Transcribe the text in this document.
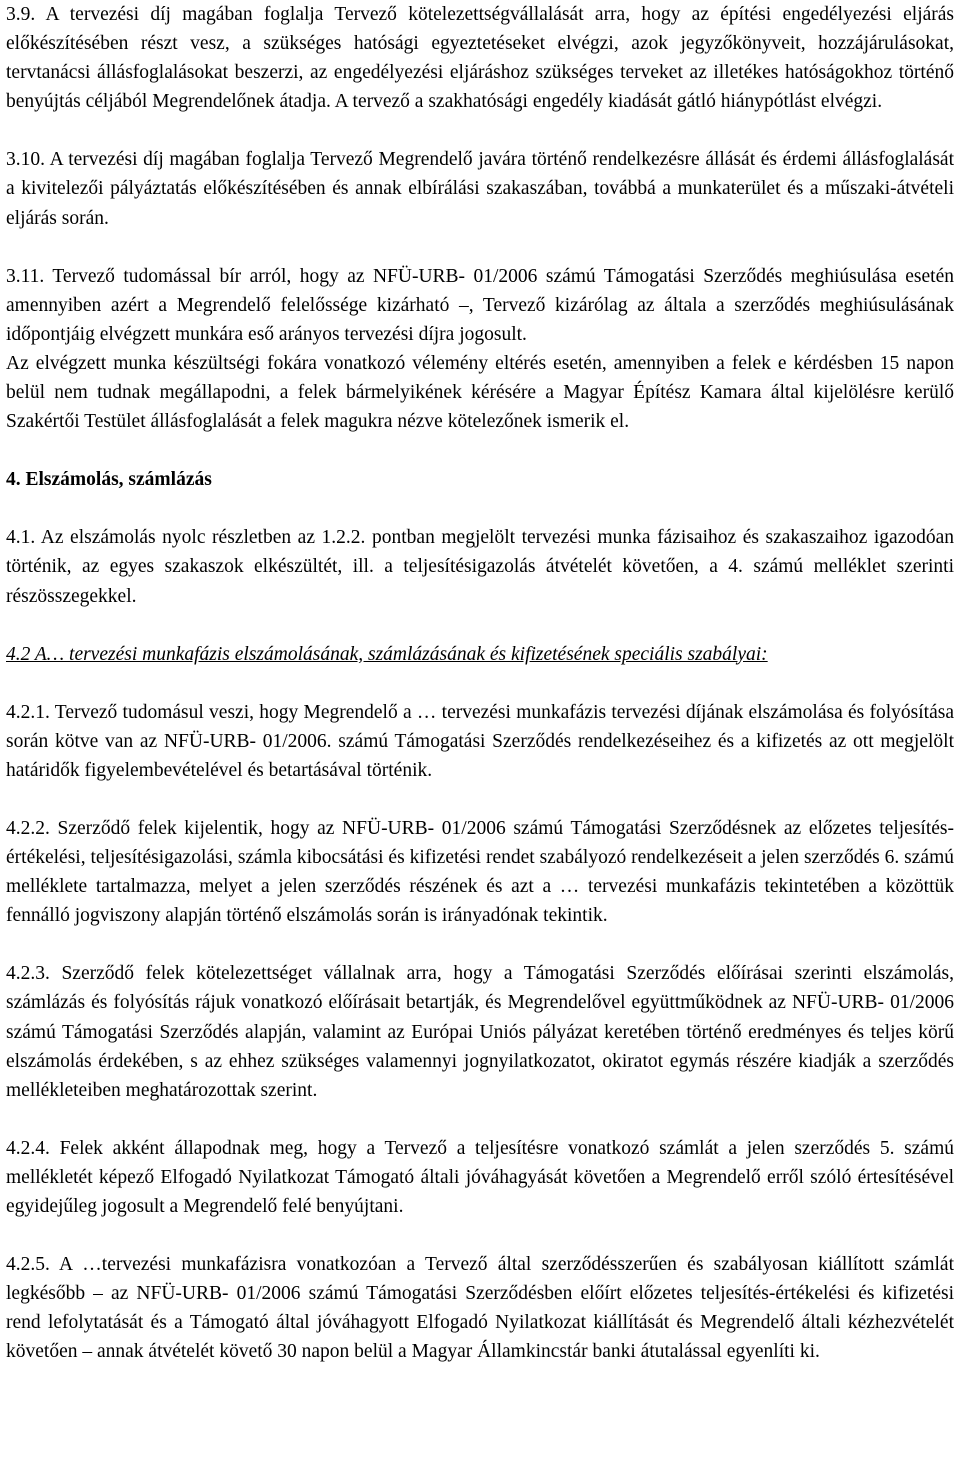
3.9. A tervezési díj magában foglalja Tervező kötelezettségvállalását arra, hogy az építési engedélyezési eljárás előkészítésében részt vesz, a szükséges hatósági egyeztetéseket elvégzi, azok jegyzőkönyveit, hozzájárulásokat, tervtanácsi állásfoglalásokat beszerzi, az engedélyezési eljáráshoz szükséges terveket az illetékes hatóságokhoz történő benyújtás céljából Megrendelőnek átadja. A tervező a szakhatósági engedély kiadását gátló hiánypótlást elvégzi.

3.10. A tervezési díj magában foglalja Tervező Megrendelő javára történő rendelkezésre állását és érdemi állásfoglalását a kivitelezői pályáztatás előkészítésében és annak elbírálási szakaszában, továbbá a munkaterület és a műszaki-átvételi eljárás során.

3.11. Tervező tudomással bír arról, hogy az NFÜ-URB- 01/2006 számú Támogatási Szerződés meghiúsulása esetén amennyiben azért a Megrendelő felelőssége kizárható –, Tervező kizárólag az általa a szerződés meghiúsulásának időpontjáig elvégzett munkára eső arányos tervezési díjra jogosult.

Az elvégzett munka készültségi fokára vonatkozó vélemény eltérés esetén, amennyiben a felek e kérdésben 15 napon belül nem tudnak megállapodni, a felek bármelyikének kérésére a Magyar Építész Kamara által kijelölésre kerülő Szakértői Testület állásfoglalását a felek magukra nézve kötelezőnek ismerik el.

4. Elszámolás, számlázás

4.1. Az elszámolás nyolc részletben az 1.2.2. pontban megjelölt tervezési munka fázisaihoz és szakaszaihoz igazodóan történik, az egyes szakaszok elkészültét, ill. a teljesítésigazolás átvételét követően, a 4. számú melléklet szerinti részösszegekkel.

4.2 A… tervezési munkafázis elszámolásának, számlázásának és kifizetésének speciális szabályai:

4.2.1. Tervező tudomásul veszi, hogy Megrendelő a … tervezési munkafázis tervezési díjának elszámolása és folyósítása során kötve van az NFÜ-URB- 01/2006. számú Támogatási Szerződés rendelkezéseihez és a kifizetés az ott megjelölt határidők figyelembevételével és betartásával történik.

4.2.2. Szerződő felek kijelentik, hogy az NFÜ-URB- 01/2006 számú Támogatási Szerződésnek az előzetes teljesítés-értékelési, teljesítésigazolási, számla kibocsátási és kifizetési rendet szabályozó rendelkezéseit a jelen szerződés 6. számú melléklete tartalmazza, melyet a jelen szerződés részének és azt a … tervezési munkafázis tekintetében a közöttük fennálló jogviszony alapján történő elszámolás során is irányadónak tekintik.

4.2.3. Szerződő felek kötelezettséget vállalnak arra, hogy a Támogatási Szerződés előírásai szerinti elszámolás, számlázás és folyósítás rájuk vonatkozó előírásait betartják, és Megrendelővel együttműködnek az NFÜ-URB- 01/2006 számú Támogatási Szerződés alapján, valamint az Európai Uniós pályázat keretében történő eredményes és teljes körű elszámolás érdekében, s az ehhez szükséges valamennyi jognyilatkozatot, okiratot egymás részére kiadják a szerződés mellékleteiben meghatározottak szerint.

4.2.4. Felek akként állapodnak meg, hogy a Tervező a teljesítésre vonatkozó számlát a jelen szerződés 5. számú mellékletét képező Elfogadó Nyilatkozat Támogató általi jóváhagyását követően a Megrendelő erről szóló értesítésével egyidejűleg jogosult a Megrendelő felé benyújtani.

4.2.5. A …tervezési munkafázisra vonatkozóan a Tervező által szerződésszerűen és szabályosan kiállított számlát legkésőbb – az NFÜ-URB- 01/2006 számú Támogatási Szerződésben előírt előzetes teljesítés-értékelési és kifizetési rend lefolytatását és a Támogató által jóváhagyott Elfogadó Nyilatkozat kiállítását és Megrendelő általi kézhezvételét követően – annak átvételét követő 30 napon belül a Magyar Államkincstár banki átutalással egyenlíti ki.
